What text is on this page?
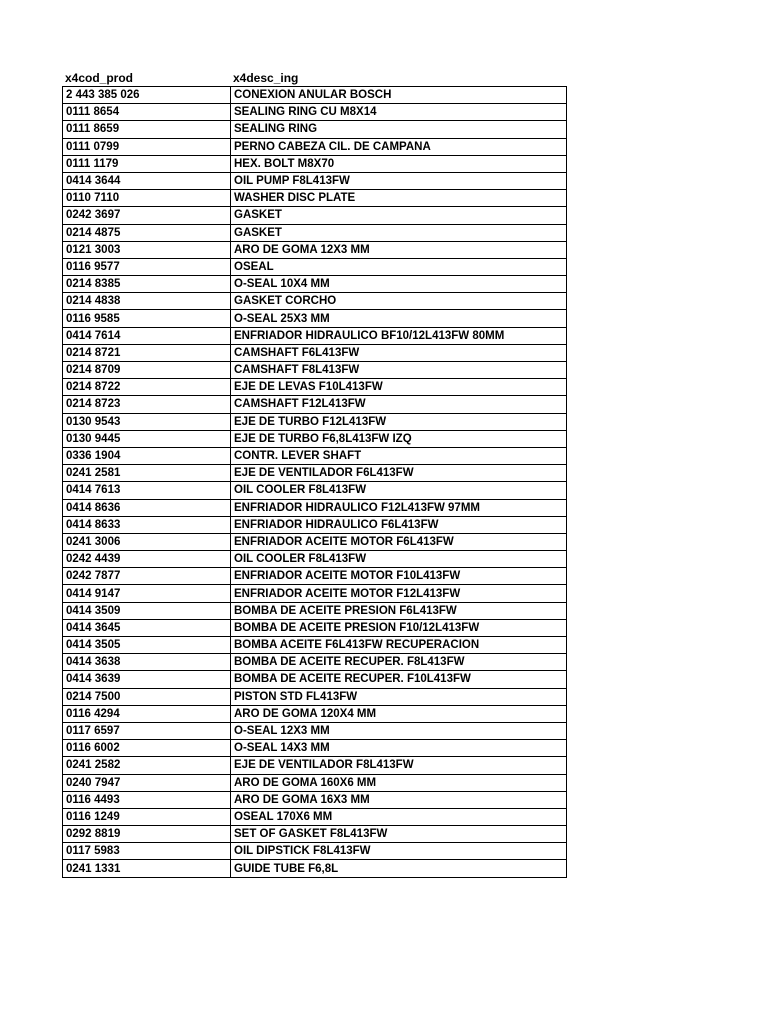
x4cod_prod	x4desc_ing
2 443 385 026	CONEXION ANULAR BOSCH
0111 8654	SEALING RING CU M8X14
0111 8659	SEALING RING
0111 0799	PERNO CABEZA CIL. DE CAMPANA
0111 1179	HEX. BOLT M8X70
0414 3644	OIL PUMP F8L413FW
0110 7110	WASHER DISC PLATE
0242 3697	GASKET
0214 4875	GASKET
0121 3003	ARO DE GOMA 12X3 MM
0116 9577	OSEAL
0214 8385	O-SEAL 10X4 MM
0214 4838	GASKET CORCHO
0116 9585	O-SEAL 25X3 MM
0414 7614	ENFRIADOR HIDRAULICO BF10/12L413FW 80MM
0214 8721	CAMSHAFT F6L413FW
0214 8709	CAMSHAFT F8L413FW
0214 8722	EJE DE LEVAS F10L413FW
0214 8723	CAMSHAFT F12L413FW
0130 9543	EJE DE TURBO F12L413FW
0130 9445	EJE DE TURBO F6,8L413FW IZQ
0336 1904	CONTR. LEVER SHAFT
0241 2581	EJE DE VENTILADOR F6L413FW
0414 7613	OIL COOLER F8L413FW
0414 8636	ENFRIADOR HIDRAULICO F12L413FW 97MM
0414 8633	ENFRIADOR HIDRAULICO F6L413FW
0241 3006	ENFRIADOR ACEITE MOTOR F6L413FW
0242 4439	OIL COOLER F8L413FW
0242 7877	ENFRIADOR ACEITE MOTOR F10L413FW
0414 9147	ENFRIADOR ACEITE MOTOR F12L413FW
0414 3509	BOMBA DE ACEITE PRESION F6L413FW
0414 3645	BOMBA DE ACEITE PRESION F10/12L413FW
0414 3505	BOMBA ACEITE F6L413FW RECUPERACION
0414 3638	BOMBA DE ACEITE RECUPER. F8L413FW
0414 3639	BOMBA DE ACEITE RECUPER. F10L413FW
0214 7500	PISTON STD FL413FW
0116 4294	ARO DE GOMA 120X4 MM
0117 6597	O-SEAL 12X3 MM
0116 6002	O-SEAL 14X3 MM
0241 2582	EJE DE VENTILADOR F8L413FW
0240 7947	ARO DE GOMA 160X6 MM
0116 4493	ARO DE GOMA 16X3 MM
0116 1249	OSEAL 170X6 MM
0292 8819	SET OF GASKET F8L413FW
0117 5983	OIL DIPSTICK F8L413FW
0241 1331	GUIDE TUBE F6,8L
